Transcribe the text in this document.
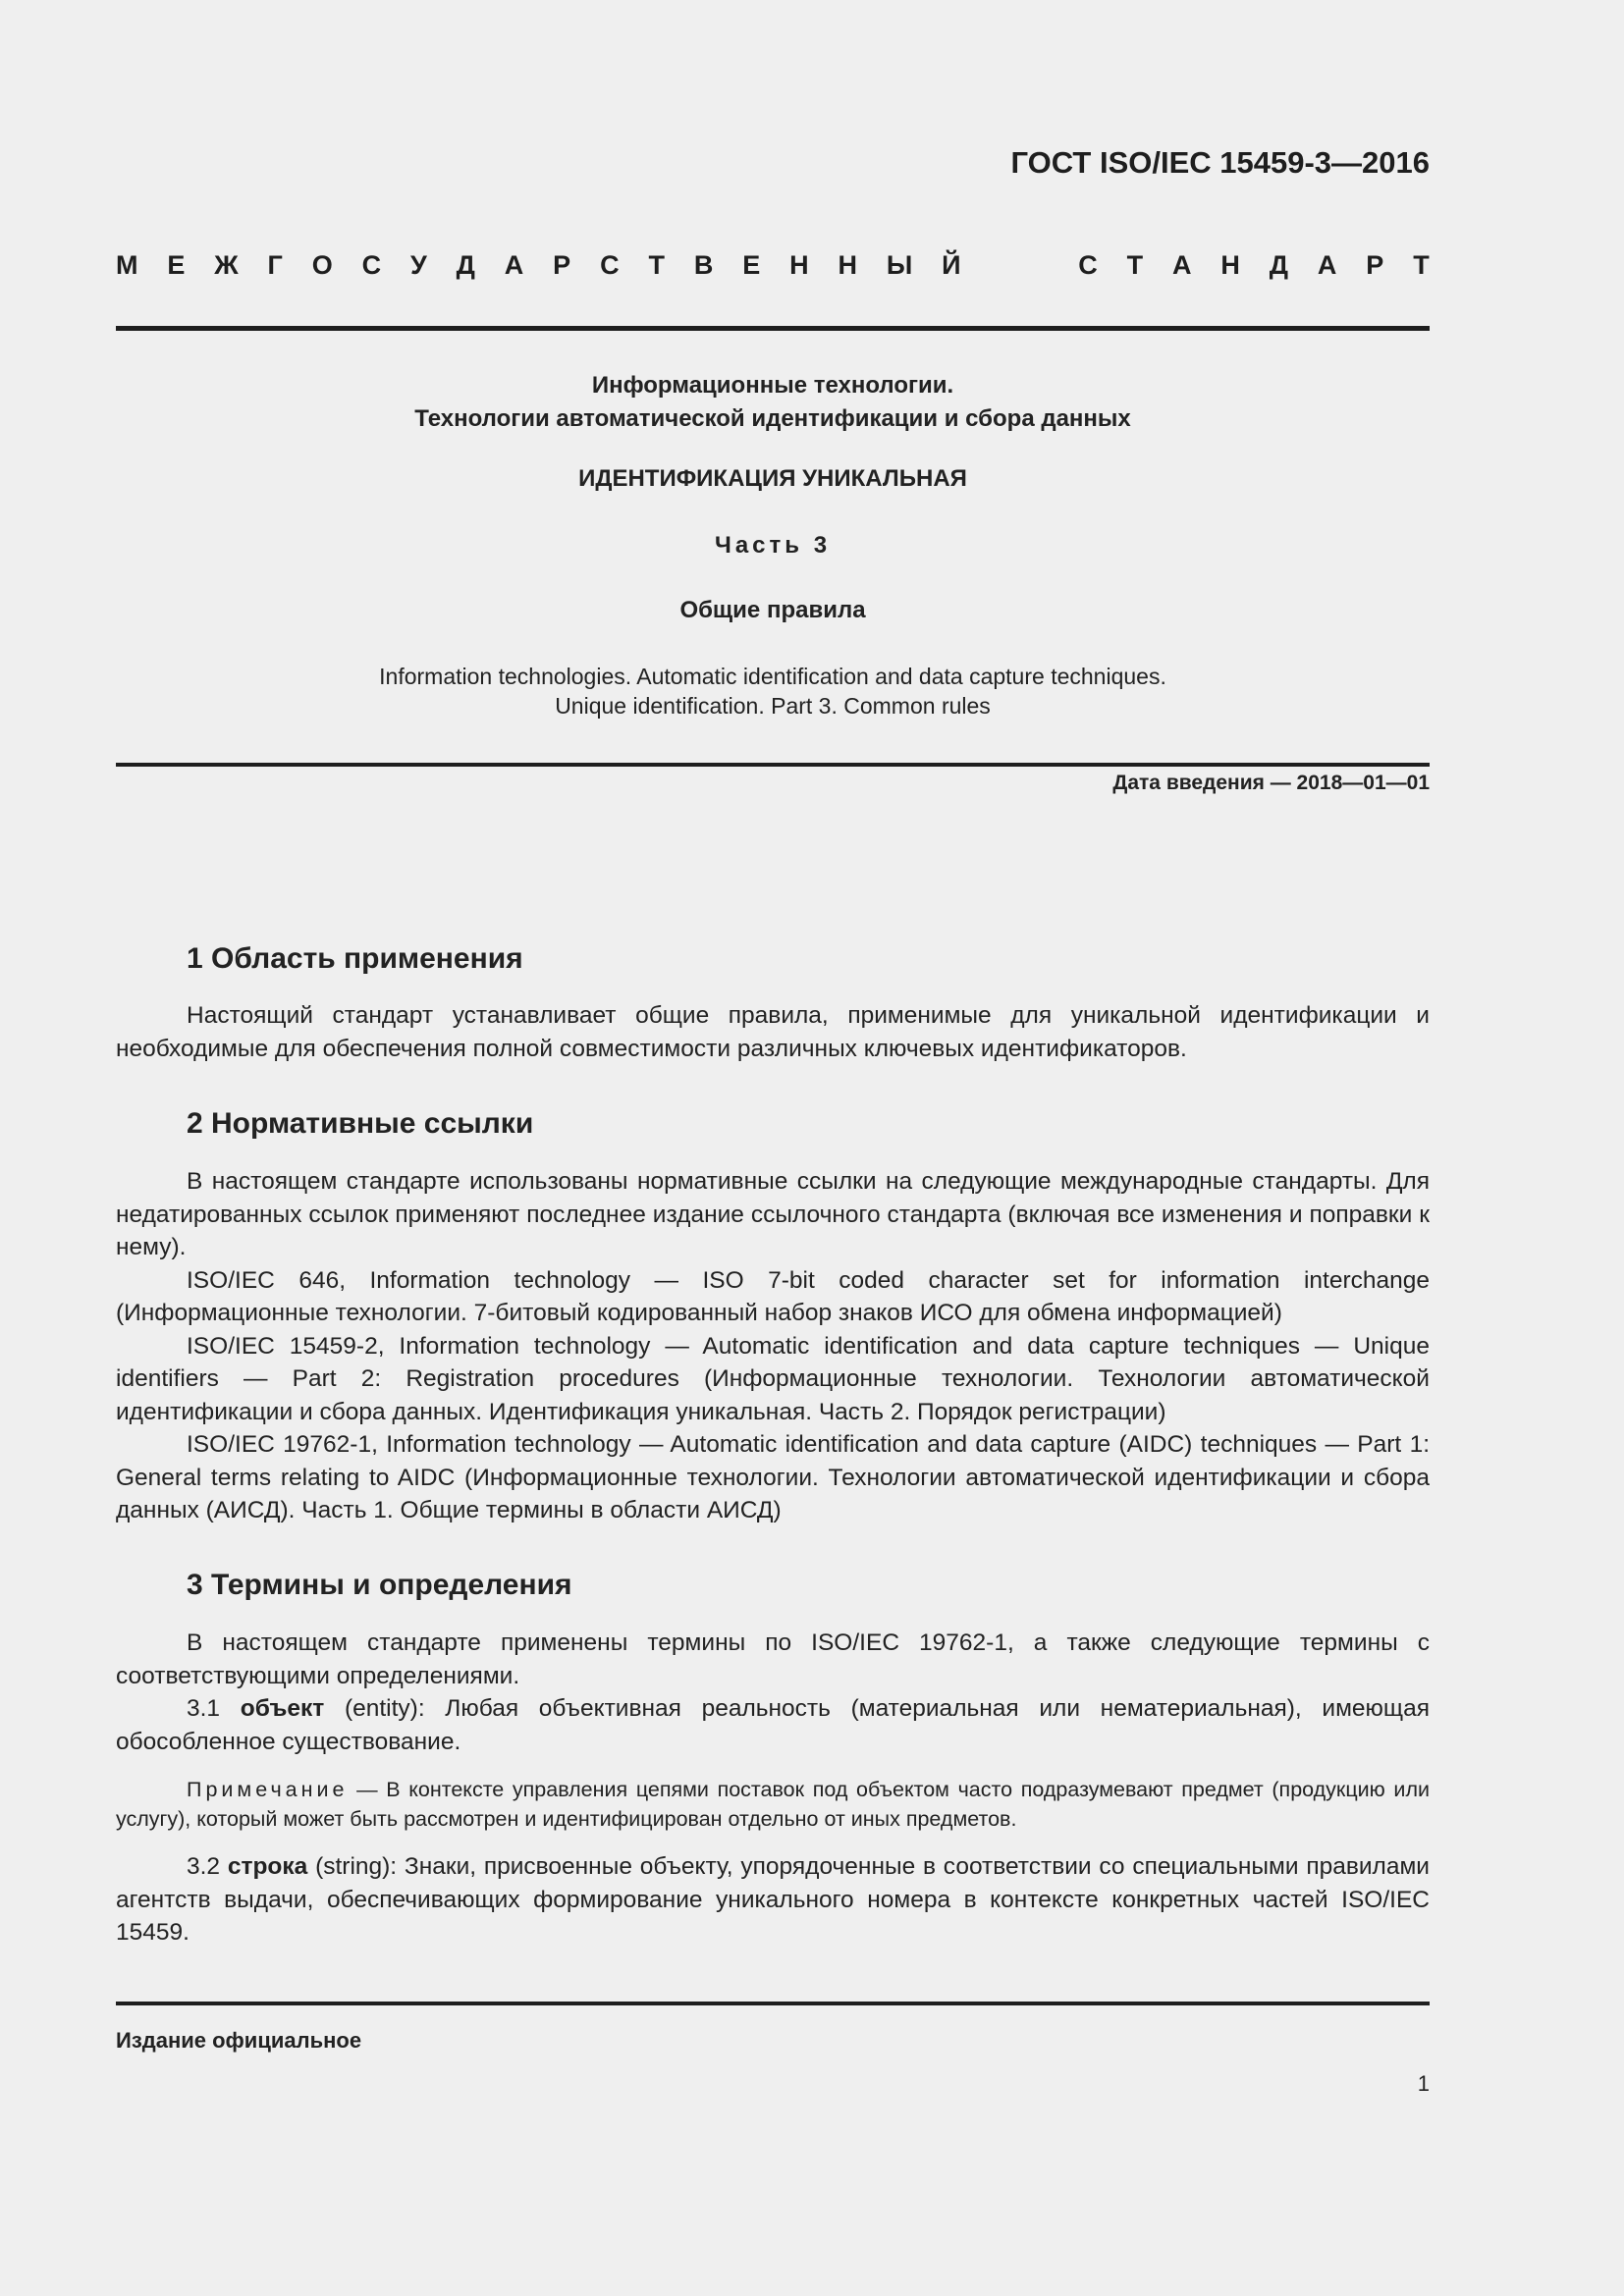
ГОСТ ISO/IEC 15459-3—2016
М Е Ж Г О С У Д А Р С Т В Е Н Н Ы Й	С Т А Н Д А Р Т
Информационные технологии.
Технологии автоматической идентификации и сбора данных
ИДЕНТИФИКАЦИЯ УНИКАЛЬНАЯ
Часть 3
Общие правила
Information technologies. Automatic identification and data capture techniques.
Unique identification. Part 3. Common rules
Дата введения — 2018—01—01
1 Область применения
Настоящий стандарт устанавливает общие правила, применимые для уникальной идентификации и необходимые для обеспечения полной совместимости различных ключевых идентификаторов.
2 Нормативные ссылки
В настоящем стандарте использованы нормативные ссылки на следующие международные стандарты. Для недатированных ссылок применяют последнее издание ссылочного стандарта (включая все изменения и поправки к нему).
ISO/IEC 646, Information technology — ISO 7-bit coded character set for information interchange (Информационные технологии. 7-битовый кодированный набор знаков ИСО для обмена информацией)
ISO/IEC 15459-2, Information technology — Automatic identification and data capture techniques — Unique identifiers — Part 2: Registration procedures (Информационные технологии. Технологии автоматической идентификации и сбора данных. Идентификация уникальная. Часть 2. Порядок регистрации)
ISO/IEC 19762-1, Information technology — Automatic identification and data capture (AIDC) techniques — Part 1: General terms relating to AIDC (Информационные технологии. Технологии автоматической идентификации и сбора данных (АИСД). Часть 1. Общие термины в области АИСД)
3 Термины и определения
В настоящем стандарте применены термины по ISO/IEC 19762-1, а также следующие термины с соответствующими определениями.
3.1 объект (entity): Любая объективная реальность (материальная или нематериальная), имеющая обособленное существование.
Примечание — В контексте управления цепями поставок под объектом часто подразумевают предмет (продукцию или услугу), который может быть рассмотрен и идентифицирован отдельно от иных предметов.
3.2 строка (string): Знаки, присвоенные объекту, упорядоченные в соответствии со специальными правилами агентств выдачи, обеспечивающих формирование уникального номера в контексте конкретных частей ISO/IEC 15459.
Издание официальное
1
